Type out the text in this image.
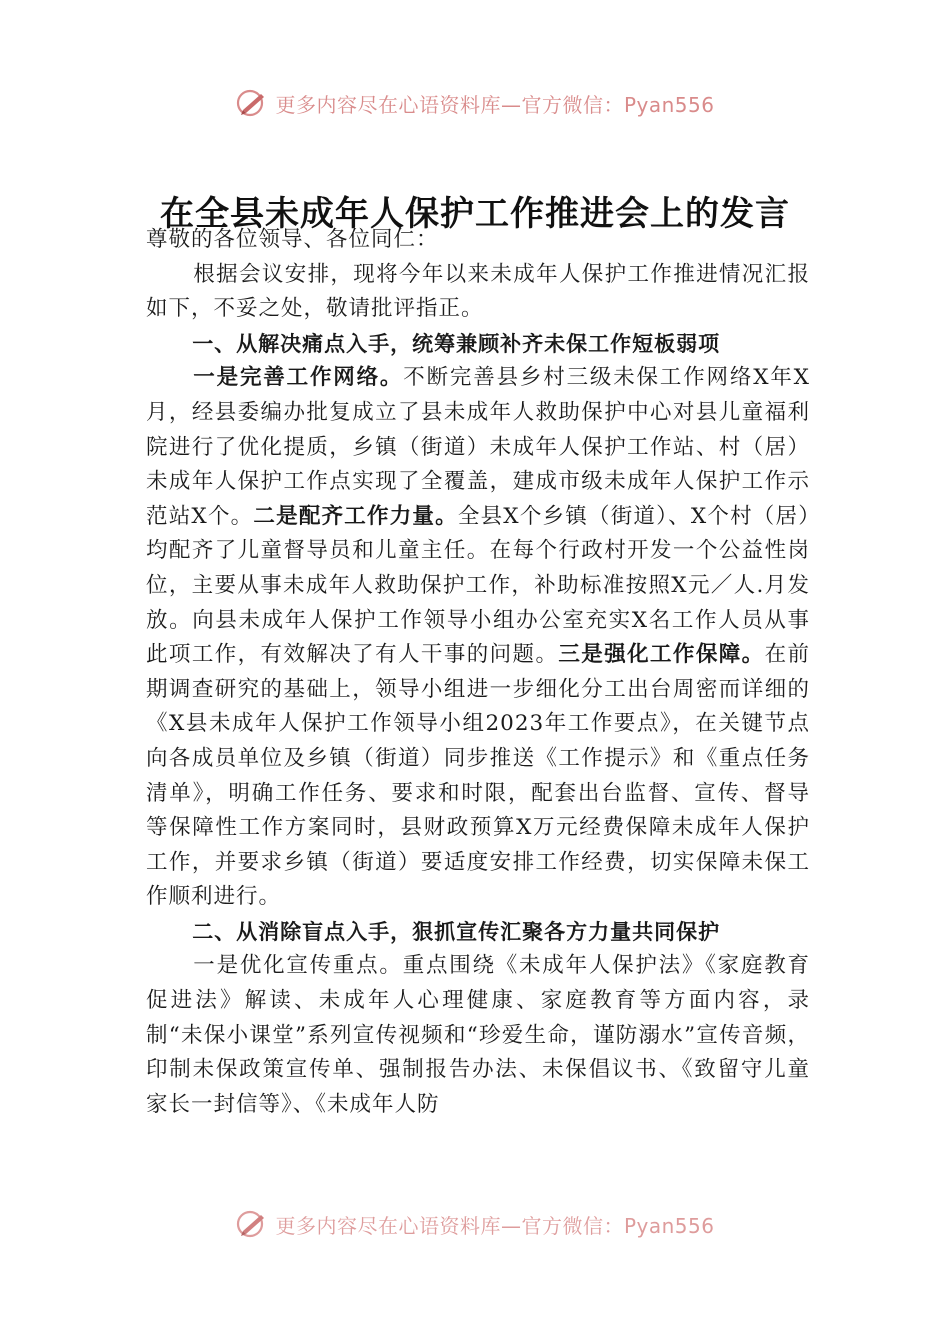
更多内容尽在心语资料库—官方微信：Pyan556
在全县未成年人保护工作推进会上的发言

尊敬的各位领导、各位同仁：

根据会议安排，现将今年以来未成年人保护工作推进情况汇报如下，不妥之处，敬请批评指正。

一、从解决痛点入手，统筹兼顾补齐未保工作短板弱项

一是完善工作网络。不断完善县乡村三级未保工作网络X年X月，经县委编办批复成立了县未成年人救助保护中心对县儿童福利院进行了优化提质，乡镇（街道）未成年人保护工作站、村（居）未成年人保护工作点实现了全覆盖，建成市级未成年人保护工作示范站X个。二是配齐工作力量。全县X个乡镇（街道）、X个村（居）均配齐了儿童督导员和儿童主任。在每个行政村开发一个公益性岗位，主要从事未成年人救助保护工作，补助标准按照X元／人.月发放。向县未成年人保护工作领导小组办公室充实X名工作人员从事此项工作，有效解决了有人干事的问题。三是强化工作保障。在前期调查研究的基础上，领导小组进一步细化分工出台周密而详细的《X县未成年人保护工作领导小组2023年工作要点》，在关键节点向各成员单位及乡镇（街道）同步推送《工作提示》和《重点任务清单》，明确工作任务、要求和时限，配套出台监督、宣传、督导等保障性工作方案同时，县财政预算X万元经费保障未成年人保护工作，并要求乡镇（街道）要适度安排工作经费，切实保障未保工作顺利进行。

二、从消除盲点入手，狠抓宣传汇聚各方力量共同保护

一是优化宣传重点。重点围绕《未成年人保护法》《家庭教育促进法》解读、未成年人心理健康、家庭教育等方面内容，录制“未保小课堂”系列宣传视频和“珍爱生命，谨防溺水”宣传音频，印制未保政策宣传单、强制报告办法、未保倡议书、《致留守儿童家长一封信等》、《未成年人防

更多内容尽在心语资料库—官方微信：Pyan556
